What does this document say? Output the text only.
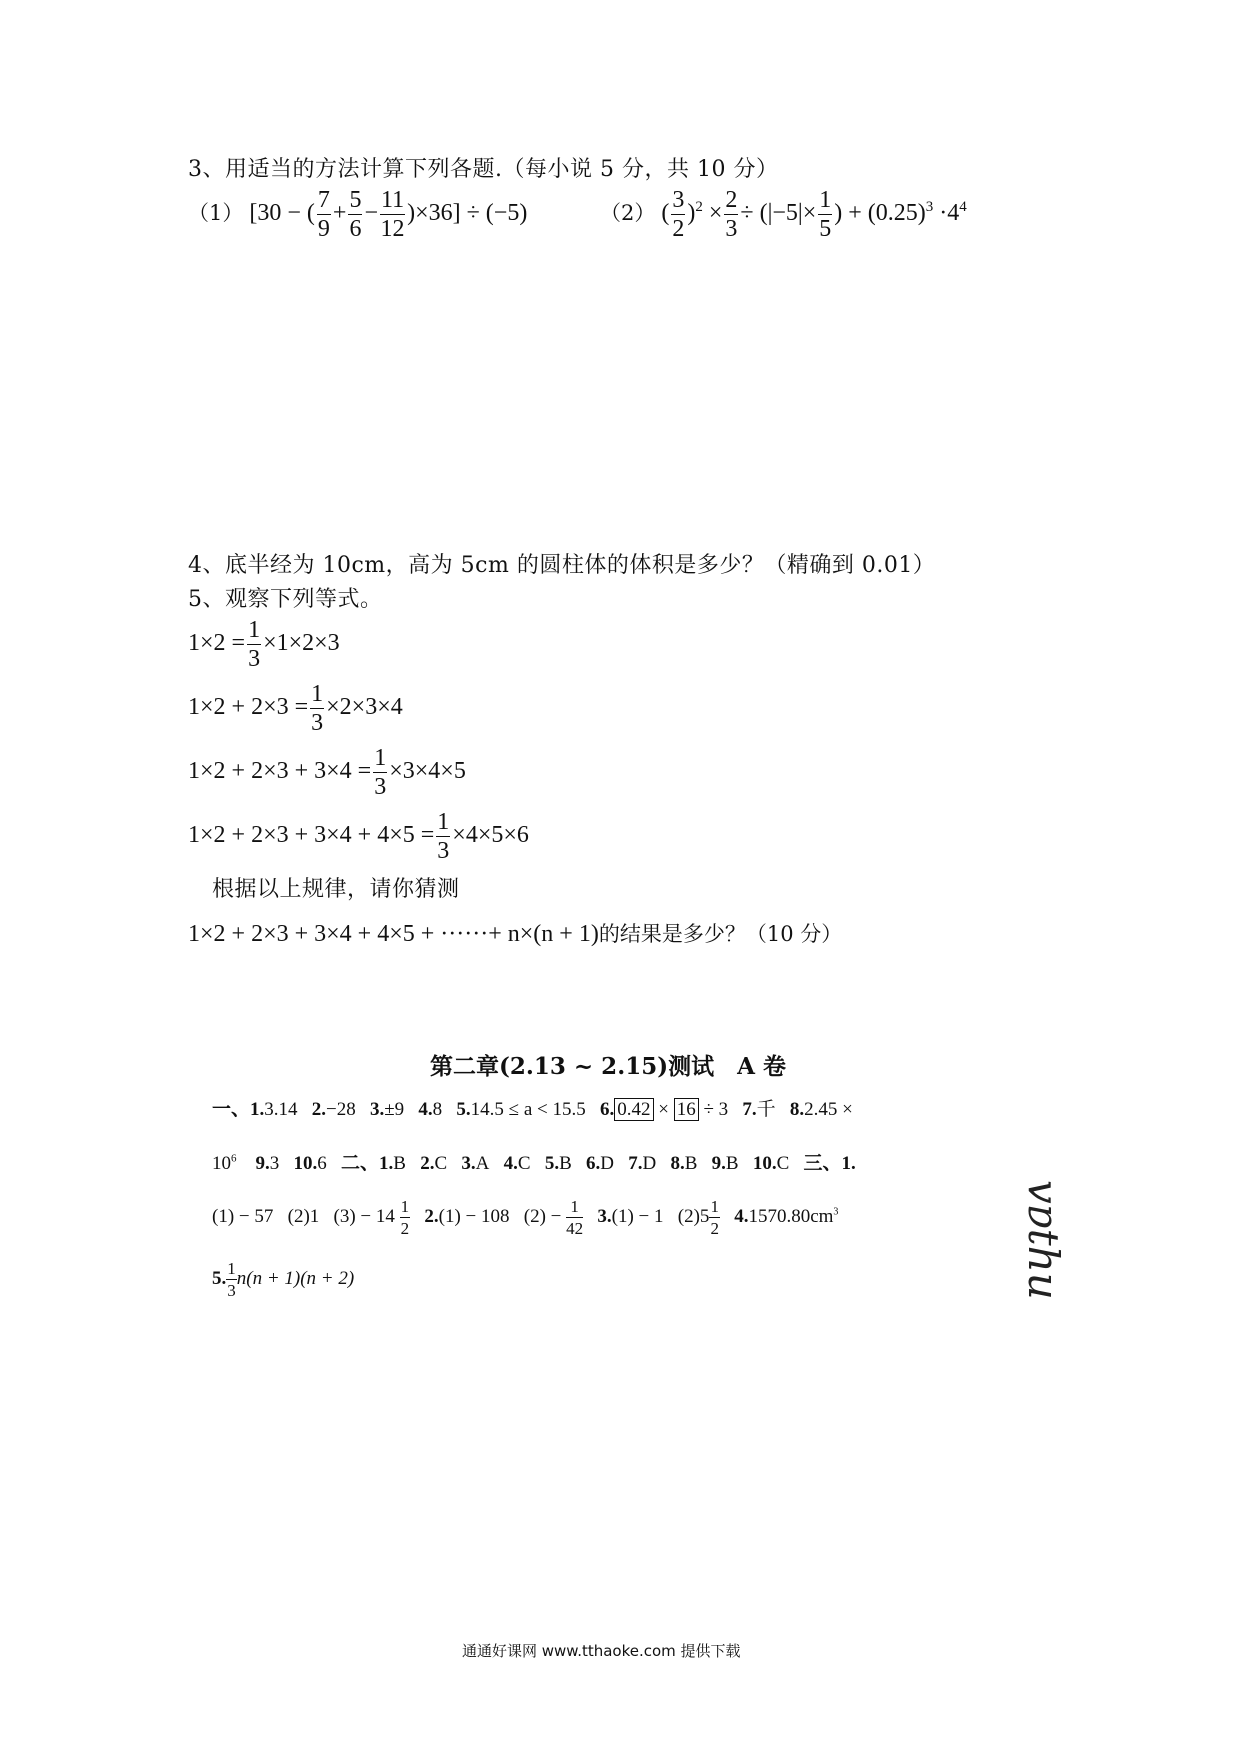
3、用适当的方法计算下列各题.（每小说 5 分，共 10 分）
（1） [30 − ( $\frac{7}{9} + \frac{5}{6} - \frac{11}{12} )\times 36] \div (-5)$	（2） ( $\frac{3}{2} )^2 \times \frac{2}{3} \div (|-5|\times \frac{1}{5}$ ) + $(0.25)^3 \cdot 4^4$
4、底半经为 10cm，高为 5cm 的圆柱体的体积是多少？（精确到 0.01）
5、观察下列等式。
$1\times 2 = \frac{1}{3} \times 1\times 2\times 3$
$1\times 2 + 2\times 3 = \frac{1}{3} \times 2\times 3\times 4$
$1\times 2 + 2\times 3 + 3\times 4 = \frac{1}{3} \times 3\times 4\times 5$
$1\times 2 + 2\times 3 + 3\times 4 + 4\times 5 = \frac{1}{3} \times 4\times 5\times 6$
根据以上规律，请你猜测
1×2 + 2×3 + 3×4 + 4×5 + ······+ n×(n + 1)的结果是多少？（10 分）
第二章(2.13 ~ 2.15)测试　A 卷
一、1.3.14 2.−28 3.±9 4.8 5.14.5 ≤ a < 15.5 6. 0.42 × 16 ÷ 3 7.千 8.2.45 ×
$10^6$ 9.3 10.6 二、1.B 2.C 3.A 4.C 5.B 6.D 7.D 8.B 9.B 10.C 三、1.
(1) − 57 (2)1 $(3) - 14 \frac{1}{2} 2.(1) - 108$ $(2) - \frac{1}{42} 3.(1) - 1$ $(2)5 \frac{1}{2} 4.1570.80cm^3$
5. $\frac{1}{3} n(n + 1)(n + 2)$	vɐthu
通通好课网 www.tthaoke.com 提供下载
